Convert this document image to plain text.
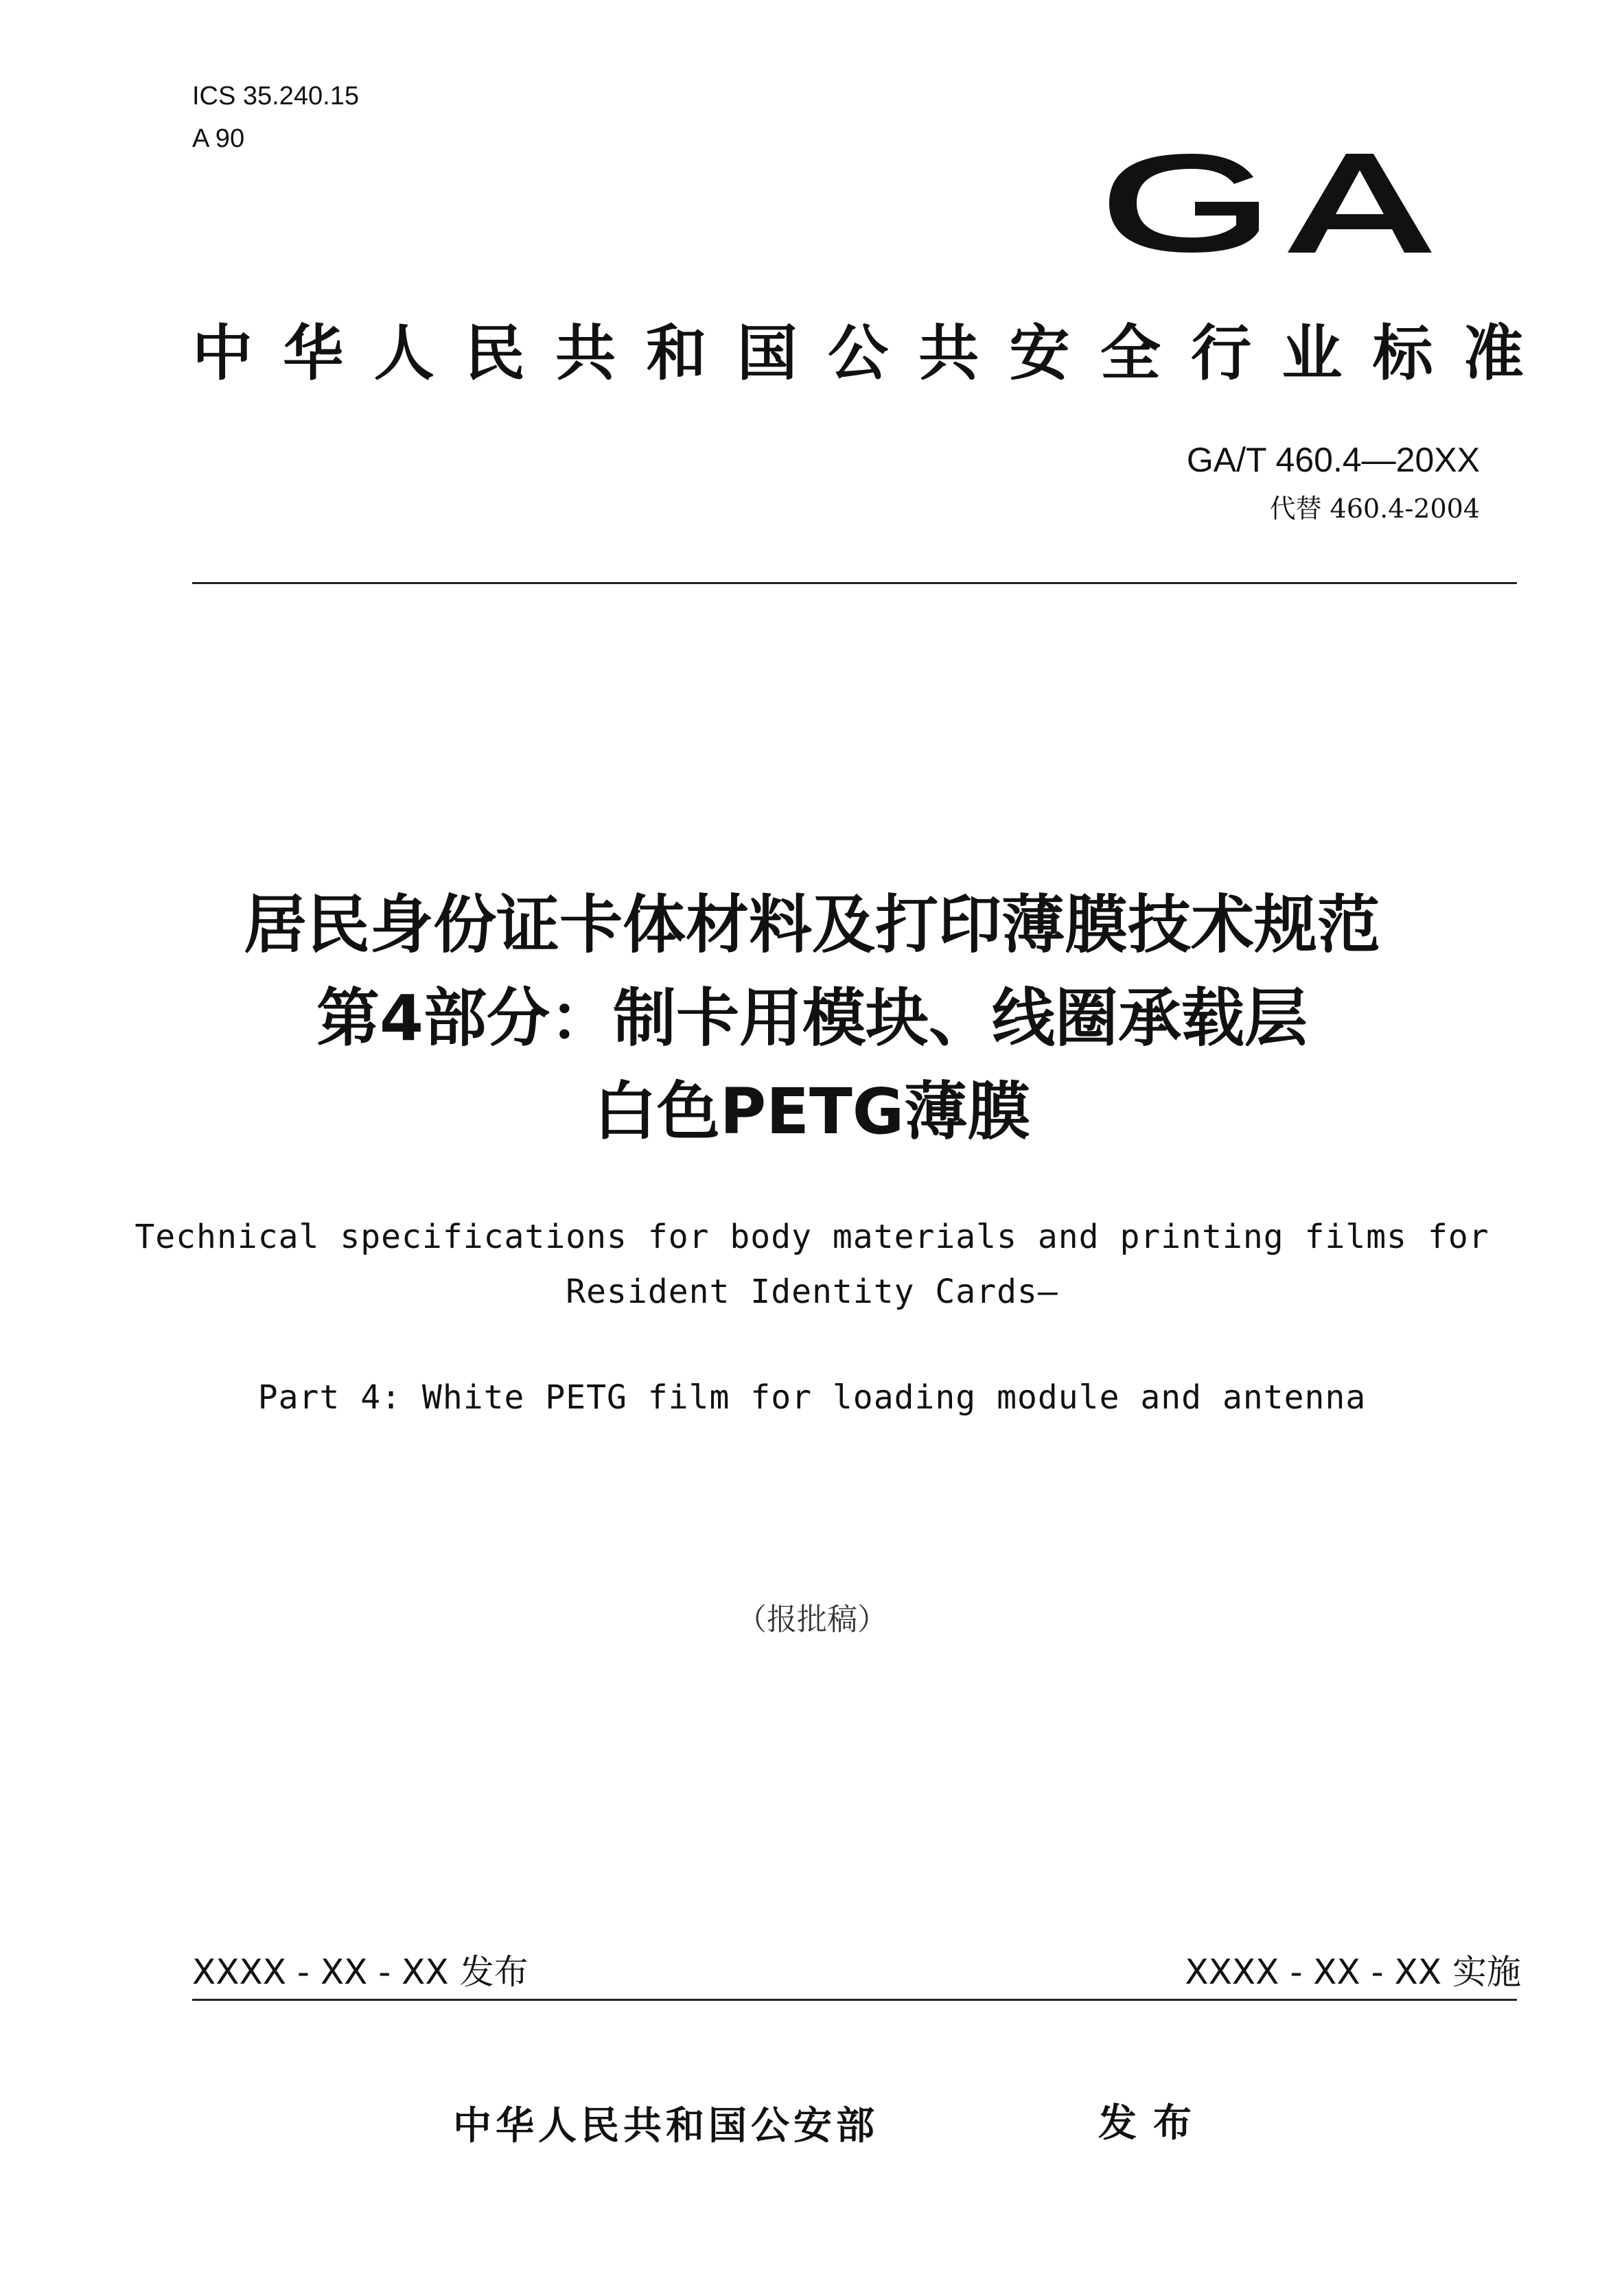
ICS 35.240.15
A 90
中 华 人 民 共 和 国 公 共 安 全 行 业 标 准
GA/T 460.4—20XX
代替 460.4-2004
居民身份证卡体材料及打印薄膜技术规范
第4部分：制卡用模块、线圈承载层
白色PETG薄膜
Technical specifications for body materials and printing films for
Resident Identity Cards—
Part 4: White PETG film for loading module and antenna
（报批稿）
XXXX - XX - XX 发布	XXXX - XX - XX 实施
中华人民共和国公安部	发布
